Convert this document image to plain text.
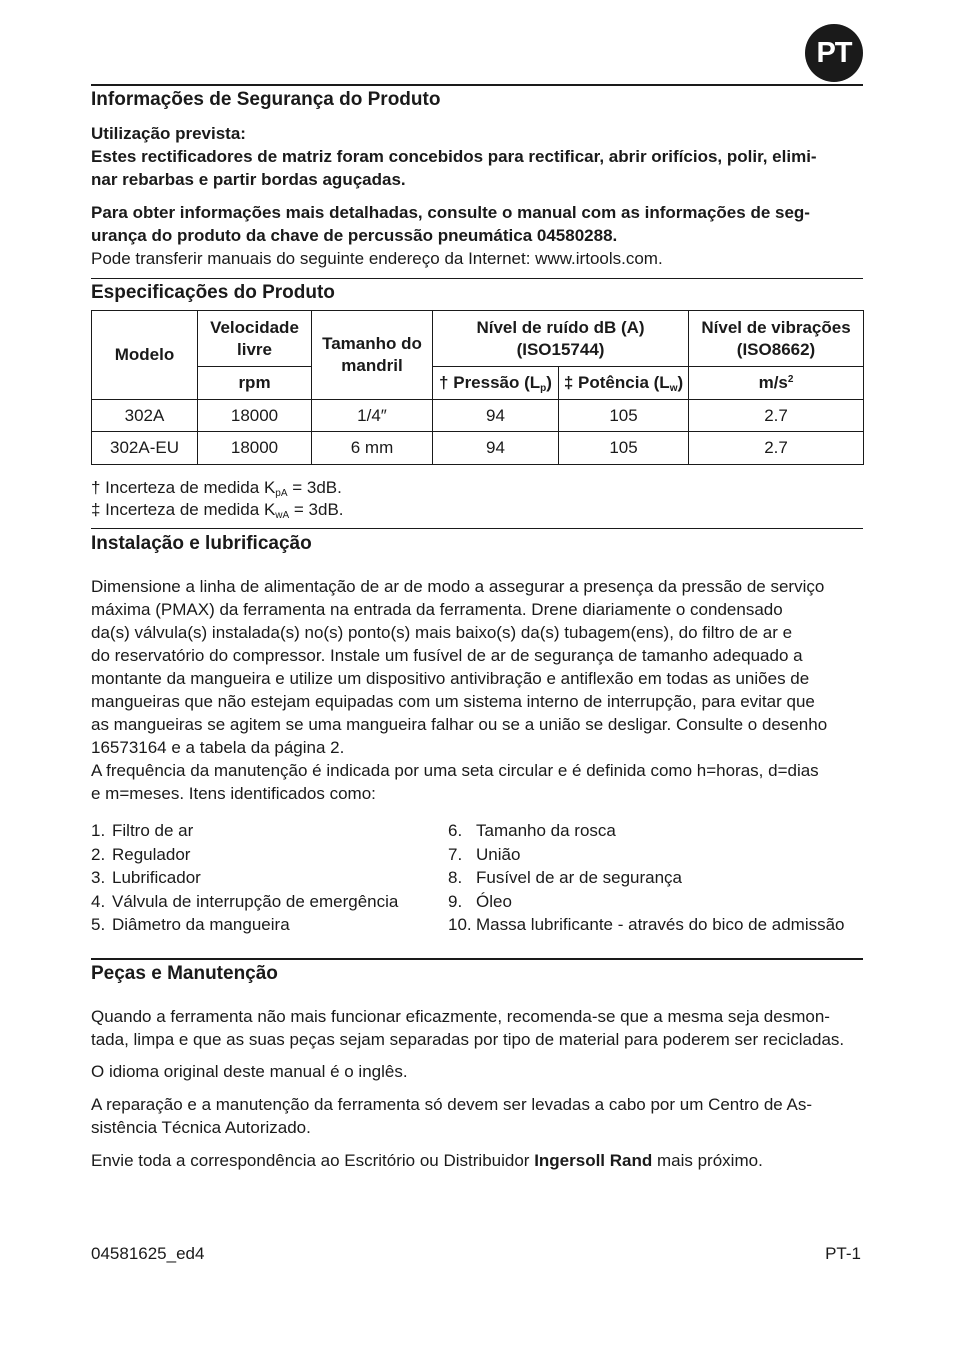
PT
Informações de Segurança do Produto
Utilização prevista:
Estes rectificadores de matriz foram concebidos para rectificar, abrir orifícios, polir, elimi-
nar rebarbas e partir bordas aguçadas.
Para obter informações mais detalhadas, consulte o manual com as informações de seg-
urança do produto da chave de percussão pneumática 04580288.
Pode transferir manuais do seguinte endereço da Internet: www.irtools.com.
Especificações do Produto
Modelo	Velocidade livre	Tamanho do mandril	Nível de ruído dB (A) (ISO15744)		Nível de vibrações (ISO8662)
	rpm		† Pressão $(L_p)$	‡ Potência $(L_w)$	$m/s^2$
302A	18000	1/4″	94	105	2.7
302A-EU	18000	6 mm	94	105	2.7
† Incerteza de medida $K_{pA} = 3dB$.
‡ Incerteza de medida $K_{wA} = 3dB$.
Instalação e lubrificação
Dimensione a linha de alimentação de ar de modo a assegurar a presença da pressão de serviço
máxima (PMAX) da ferramenta na entrada da ferramenta. Drene diariamente o condensado
da(s) válvula(s) instalada(s) no(s) ponto(s) mais baixo(s) da(s) tubagem(ens), do filtro de ar e
do reservatório do compressor. Instale um fusível de ar de segurança de tamanho adequado a
montante da mangueira e utilize um dispositivo antivibração e antiflexão em todas as uniões de
mangueiras que não estejam equipadas com um sistema interno de interrupção, para evitar que
as mangueiras se agitem se uma mangueira falhar ou se a união se desligar. Consulte o desenho
16573164 e a tabela da página 2.
A frequência da manutenção é indicada por uma seta circular e é definida como h=horas, d=dias
e m=meses. Itens identificados como:
1. Filtro de ar
2. Regulador
3. Lubrificador
4. Válvula de interrupção de emergência
5. Diâmetro da mangueira
6. Tamanho da rosca
7. União
8. Fusível de ar de segurança
9. Óleo
10. Massa lubrificante - através do bico de admissão
Peças e Manutenção
Quando a ferramenta não mais funcionar eficazmente, recomenda-se que a mesma seja desmon-
tada, limpa e que as suas peças sejam separadas por tipo de material para poderem ser recicladas.
O idioma original deste manual é o inglês.
A reparação e a manutenção da ferramenta só devem ser levadas a cabo por um Centro de As-
sistência Técnica Autorizado.
Envie toda a correspondência ao Escritório ou Distribuidor Ingersoll Rand mais próximo.
04581625_ed4	PT-1
